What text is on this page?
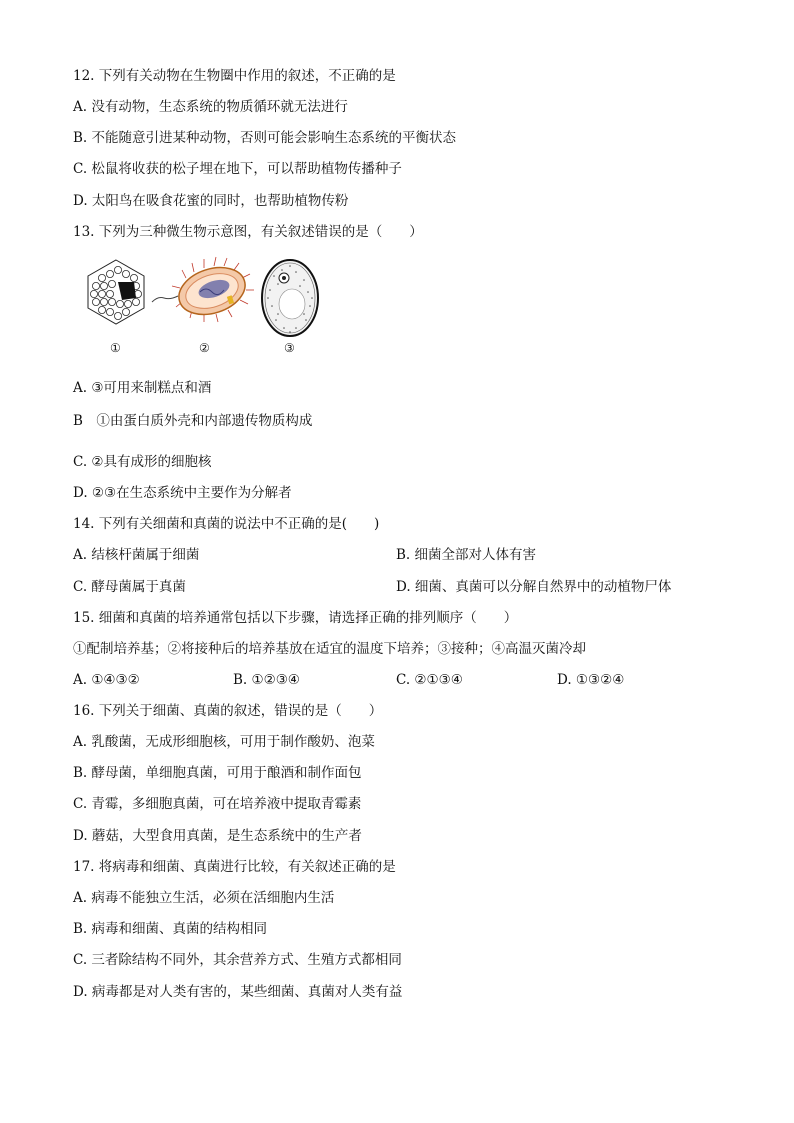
12. 下列有关动物在生物圈中作用的叙述，不正确的是
A. 没有动物，生态系统的物质循环就无法进行
B. 不能随意引进某种动物，否则可能会影响生态系统的平衡状态
C. 松鼠将收获的松子埋在地下，可以帮助植物传播种子
D. 太阳鸟在吸食花蜜的同时，也帮助植物传粉
13. 下列为三种微生物示意图，有关叙述错误的是（　　）
①	②	③
A. ③可用来制糕点和酒
B　①由蛋白质外壳和内部遗传物质构成
C. ②具有成形的细胞核
D. ②③在生态系统中主要作为分解者
14. 下列有关细菌和真菌的说法中不正确的是(　　)
A. 结核杆菌属于细菌	B. 细菌全部对人体有害
C. 酵母菌属于真菌	D. 细菌、真菌可以分解自然界中的动植物尸体
15. 细菌和真菌的培养通常包括以下步骤，请选择正确的排列顺序（　　）
①配制培养基；②将接种后的培养基放在适宜的温度下培养；③接种；④高温灭菌冷却
A. ①④③②	B. ①②③④	C. ②①③④	D. ①③②④
16. 下列关于细菌、真菌的叙述，错误的是（　　）
A. 乳酸菌，无成形细胞核，可用于制作酸奶、泡菜
B. 酵母菌，单细胞真菌，可用于酿酒和制作面包
C. 青霉，多细胞真菌，可在培养液中提取青霉素
D. 蘑菇，大型食用真菌，是生态系统中的生产者
17. 将病毒和细菌、真菌进行比较，有关叙述正确的是
A. 病毒不能独立生活，必须在活细胞内生活
B. 病毒和细菌、真菌的结构相同
C. 三者除结构不同外，其余营养方式、生殖方式都相同
D. 病毒都是对人类有害的，某些细菌、真菌对人类有益
